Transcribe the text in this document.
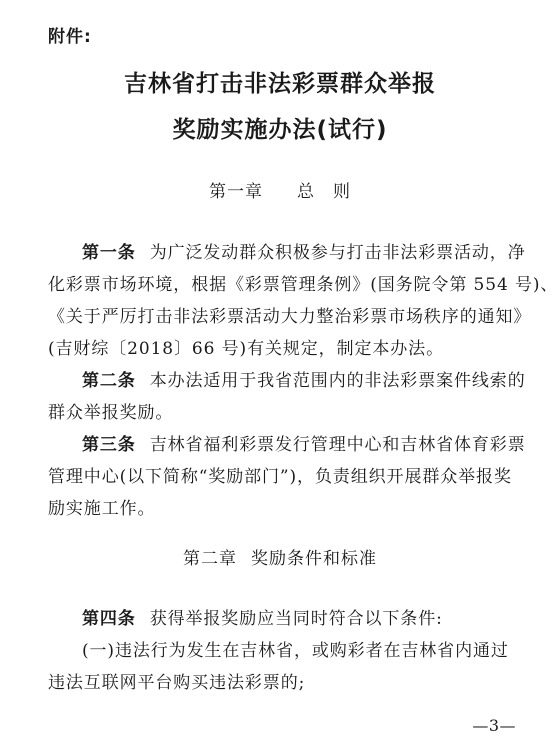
附件:
吉林省打击非法彩票群众举报
奖励实施办法(试行)
第一章 总　则
第一条 为广泛发动群众积极参与打击非法彩票活动，净
化彩票市场环境，根据《彩票管理条例》(国务院令第 554 号)、
《关于严厉打击非法彩票活动大力整治彩票市场秩序的通知》
(吉财综〔2018〕66 号)有关规定，制定本办法。
第二条 本办法适用于我省范围内的非法彩票案件线索的
群众举报奖励。
第三条 吉林省福利彩票发行管理中心和吉林省体育彩票
管理中心(以下简称“奖励部门”)，负责组织开展群众举报奖
励实施工作。
第二章 奖励条件和标准
第四条 获得举报奖励应当同时符合以下条件:
(一)违法行为发生在吉林省，或购彩者在吉林省内通过
违法互联网平台购买违法彩票的;
—3—
